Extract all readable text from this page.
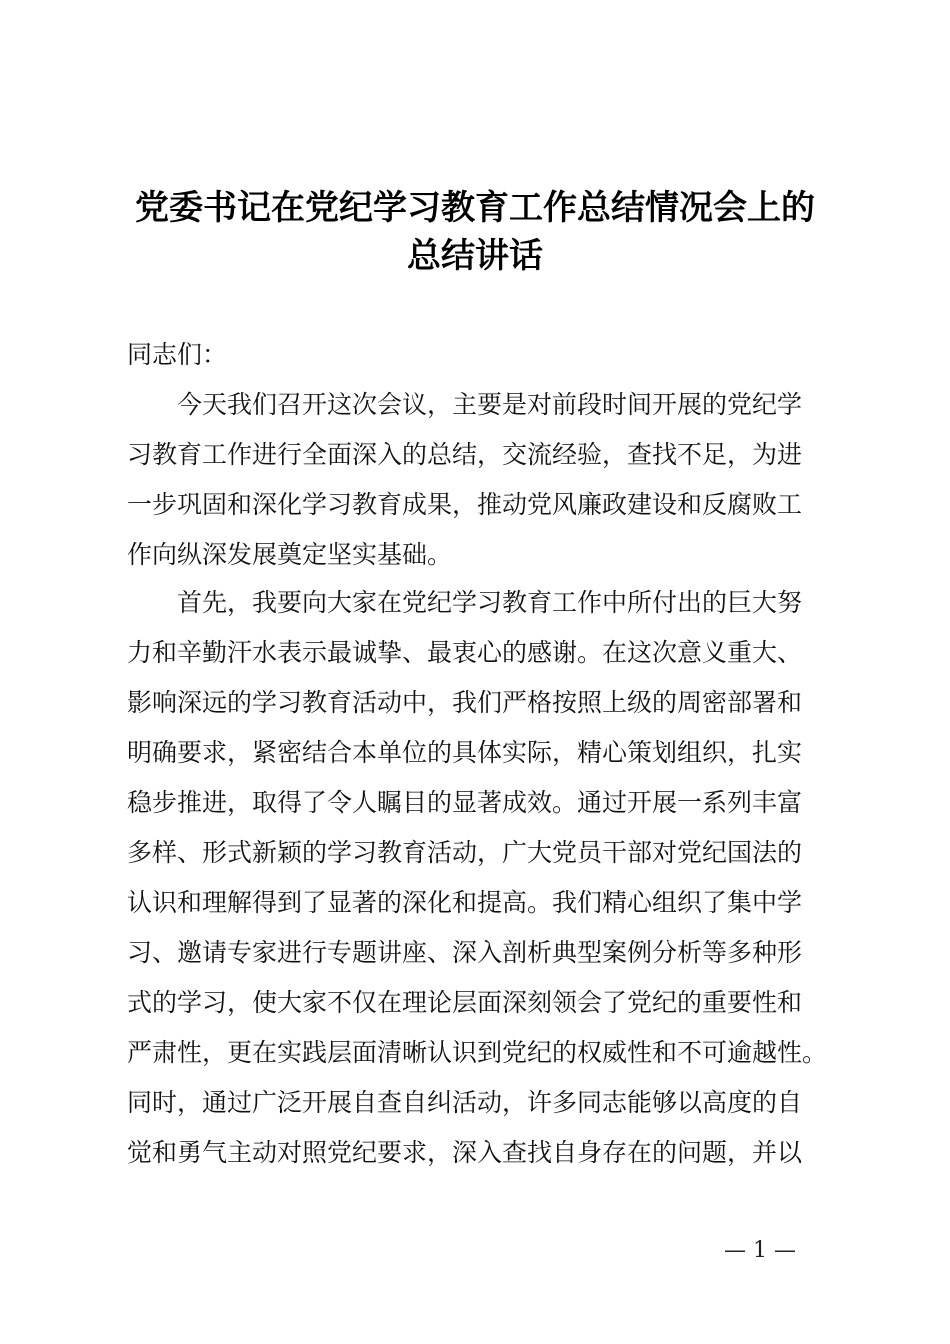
党委书记在党纪学习教育工作总结情况会上的
总结讲话
同志们：

今天我们召开这次会议，主要是对前段时间开展的党纪学

习教育工作进行全面深入的总结，交流经验，查找不足，为进

一步巩固和深化学习教育成果，推动党风廉政建设和反腐败工

作向纵深发展奠定坚实基础。

首先，我要向大家在党纪学习教育工作中所付出的巨大努

力和辛勤汗水表示最诚挚、最衷心的感谢。在这次意义重大、

影响深远的学习教育活动中，我们严格按照上级的周密部署和

明确要求，紧密结合本单位的具体实际，精心策划组织，扎实

稳步推进，取得了令人瞩目的显著成效。通过开展一系列丰富

多样、形式新颖的学习教育活动，广大党员干部对党纪国法的

认识和理解得到了显著的深化和提高。我们精心组织了集中学

习、邀请专家进行专题讲座、深入剖析典型案例分析等多种形

式的学习，使大家不仅在理论层面深刻领会了党纪的重要性和

严肃性，更在实践层面清晰认识到党纪的权威性和不可逾越性。

同时，通过广泛开展自查自纠活动，许多同志能够以高度的自

觉和勇气主动对照党纪要求，深入查找自身存在的问题，并以

— 1 —
